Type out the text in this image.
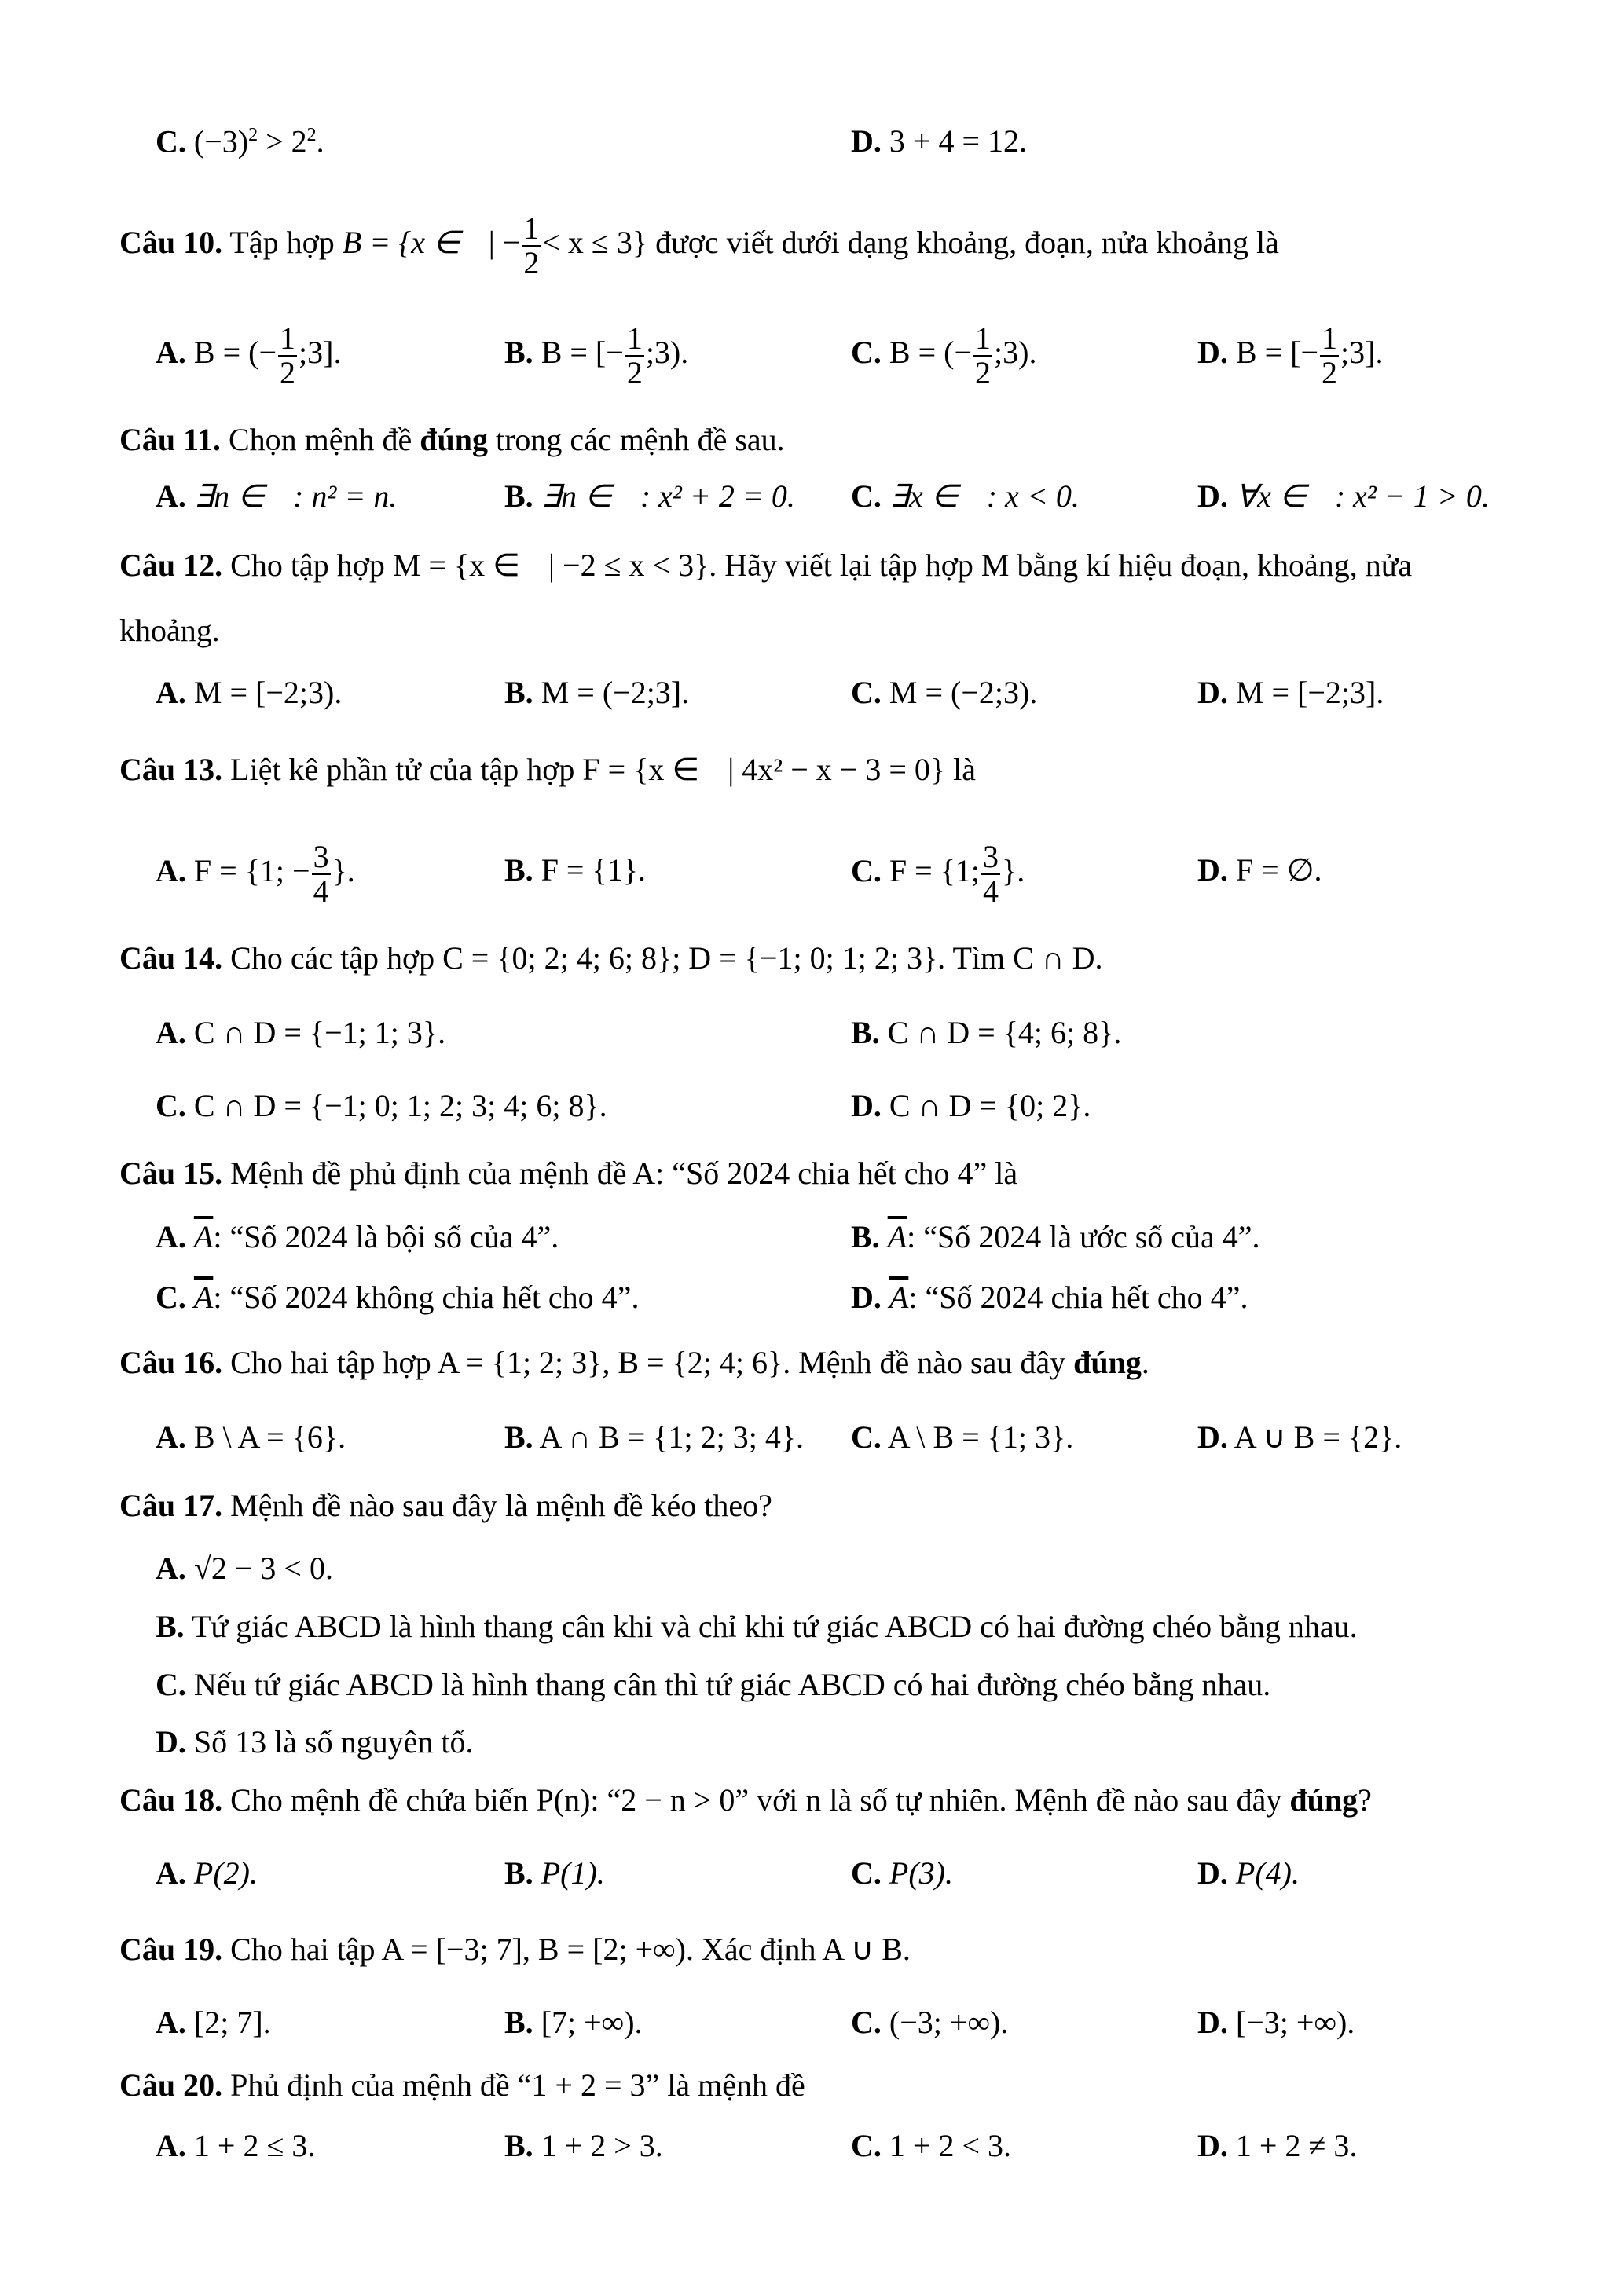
C. $(-3)^2 > 2^2$.	D. 3 + 4 = 12.
Câu 10. Tập hợp B = {x ∈ | − $\frac{1}{2} < x \le 3$} được viết dưới dạng khoảng, đoạn, nửa khoảng là
A. B = (− $\frac{1}{2}$ ;3].	B. B = [− $\frac{1}{2}$ ;3).	C. B = (− $\frac{1}{2}$ ;3).	D. B = [− $\frac{1}{2}$ ;3].
Câu 11. Chọn mệnh đề đúng trong các mệnh đề sau.
A. ∃n ∈ : n² = n.	B. ∃n ∈ : x² + 2 = 0. C. ∃x ∈ : x < 0.	D. ∀x ∈ : x² − 1 > 0.
Câu 12. Cho tập hợp M = {x ∈ | −2 ≤ x < 3}. Hãy viết lại tập hợp M bằng kí hiệu đoạn, khoảng, nửa
khoảng.
A. M = [−2;3).	B. M = (−2;3].	C. M = (−2;3).	D. M = [−2;3].
Câu 13. Liệt kê phần tử của tập hợp F = {x ∈ | 4x² − x − 3 = 0} là
A. F = {1; − $\frac{3}{4}$ }.	B. F = {1}.	C. F = {1; $\frac{3}{4}$ }.	D. F = ∅.
Câu 14. Cho các tập hợp C = {0; 2; 4; 6; 8}; D = {−1; 0; 1; 2; 3}. Tìm C ∩ D.
A. C ∩ D = {−1; 1; 3}.	B. C ∩ D = {4; 6; 8}.
C. C ∩ D = {−1; 0; 1; 2; 3; 4; 6; 8}.	D. C ∩ D = {0; 2}.
Câu 15. Mệnh đề phủ định của mệnh đề A: “Số 2024 chia hết cho 4” là
A. $\overline{A}$: “Số 2024 là bội số của 4”.	B. $\overline{A}$: “Số 2024 là ước số của 4”.
C. $\overline{A}$: “Số 2024 không chia hết cho 4”.	D. $\overline{A}$: “Số 2024 chia hết cho 4”.
Câu 16. Cho hai tập hợp A = {1; 2; 3}, B = {2; 4; 6}. Mệnh đề nào sau đây đúng.
A. B \ A = {6}.	B. A ∩ B = {1; 2; 3; 4}. C. A \ B = {1; 3}.	D. A ∪ B = {2}.
Câu 17. Mệnh đề nào sau đây là mệnh đề kéo theo?
A. √2 − 3 < 0.
B. Tứ giác ABCD là hình thang cân khi và chỉ khi tứ giác ABCD có hai đường chéo bằng nhau.
C. Nếu tứ giác ABCD là hình thang cân thì tứ giác ABCD có hai đường chéo bằng nhau.
D. Số 13 là số nguyên tố.
Câu 18. Cho mệnh đề chứa biến P(n): “2 − n > 0” với n là số tự nhiên. Mệnh đề nào sau đây đúng?
A. P(2).	B. P(1).	C. P(3).	D. P(4).
Câu 19. Cho hai tập A = [−3; 7], B = [2; +∞). Xác định A ∪ B.
A. [2; 7].	B. [7; +∞).	C. (−3; +∞).	D. [−3; +∞).
Câu 20. Phủ định của mệnh đề “1 + 2 = 3” là mệnh đề
A. 1 + 2 ≤ 3.	B. 1 + 2 > 3.	C. 1 + 2 < 3.	D. 1 + 2 ≠ 3.
